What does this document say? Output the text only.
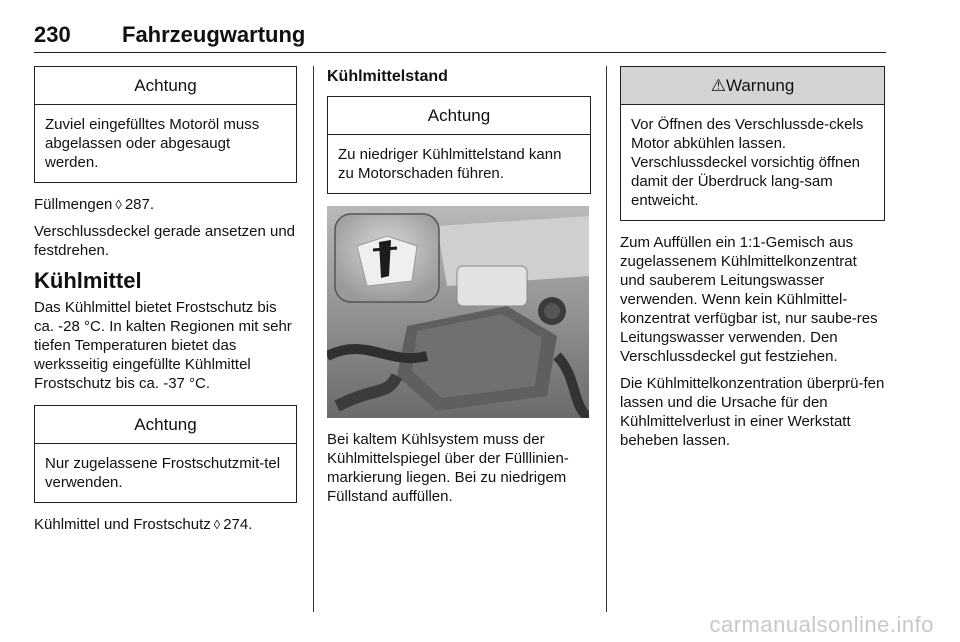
230 Fahrzeugwartung
Achtung
Zuviel eingefülltes Motoröl muss abgelassen oder abgesaugt werden.

Füllmengen ◊ 287.

Verschlussdeckel gerade ansetzen und festdrehen.

Kühlmittel

Das Kühlmittel bietet Frostschutz bis ca. -28 °C. In kalten Regionen mit sehr tiefen Temperaturen bietet das werksseitig eingefüllte Kühlmittel Frostschutz bis ca. -37 °C.

Achtung
Nur zugelassene Frostschutzmit-tel verwenden.

Kühlmittel und Frostschutz ◊ 274.

Kühlmittelstand
Achtung
Zu niedriger Kühlmittelstand kann zu Motorschaden führen.

Bei kaltem Kühlsystem muss der Kühlmittelspiegel über der Fülllinien-markierung liegen. Bei zu niedrigem Füllstand auffüllen.

⚠Warnung
Vor Öffnen des Verschlussde-ckels Motor abkühlen lassen. Verschlussdeckel vorsichtig öffnen damit der Überdruck lang-sam entweicht.

Zum Auffüllen ein 1:1-Gemisch aus zugelassenem Kühlmittelkonzentrat und sauberem Leitungswasser verwenden. Wenn kein Kühlmittel-konzentrat verfügbar ist, nur saube-res Leitungswasser verwenden. Den Verschlussdeckel gut festziehen.

Die Kühlmittelkonzentration überprü-fen lassen und die Ursache für den Kühlmittelverlust in einer Werkstatt beheben lassen.

carmanualsonline.info
